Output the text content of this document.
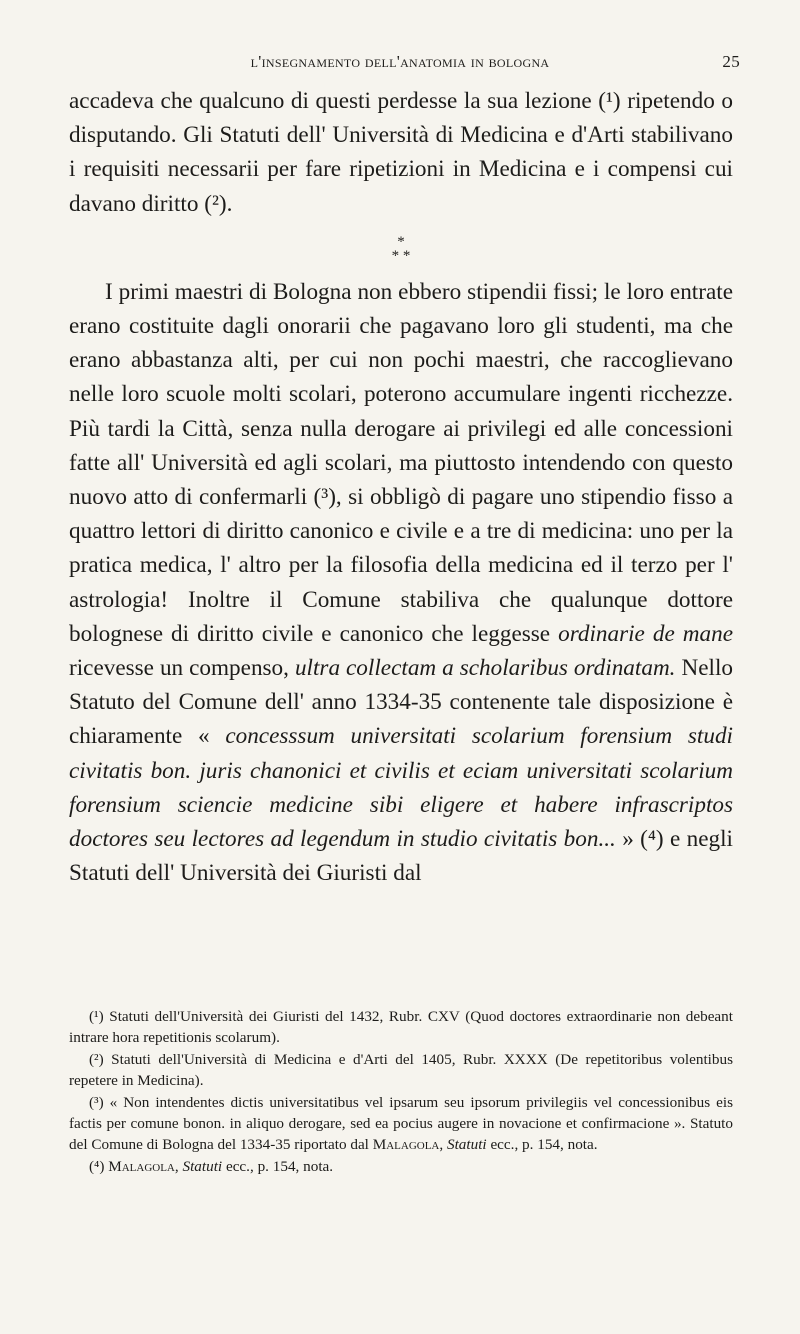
l'insegnamento dell'anatomia in bologna	25

accadeva che qualcuno di questi perdesse la sua lezione (¹) ripetendo o disputando. Gli Statuti dell' Università di Medicina e d'Arti stabilivano i requisiti necessarii per fare ripetizioni in Medicina e i compensi cui davano diritto (²).

*
* *

I primi maestri di Bologna non ebbero stipendii fissi; le loro entrate erano costituite dagli onorarii che pagavano loro gli studenti, ma che erano abbastanza alti, per cui non pochi maestri, che raccoglievano nelle loro scuole molti scolari, poterono accumulare ingenti ricchezze. Più tardi la Città, senza nulla derogare ai privilegi ed alle concessioni fatte all' Università ed agli scolari, ma piuttosto intendendo con questo nuovo atto di confermarli (³), si obbligò di pagare uno stipendio fisso a quattro lettori di diritto canonico e civile e a tre di medicina: uno per la pratica medica, l' altro per la filosofia della medicina ed il terzo per l' astrologia! Inoltre il Comune stabiliva che qualunque dottore bolognese di diritto civile e canonico che leggesse ordinarie de mane ricevesse un compenso, ultra collectam a scholaribus ordinatam. Nello Statuto del Comune dell' anno 1334-35 contenente tale disposizione è chiaramente « concesssum universitati scolarium forensium studi civitatis bon. juris chanonici et civilis et eciam universitati scolarium forensium sciencie medicine sibi eligere et habere infrascriptos doctores seu lectores ad legendum in studio civitatis bon... » (⁴) e negli Statuti dell' Università dei Giuristi dal

(¹) Statuti dell'Università dei Giuristi del 1432, Rubr. CXV (Quod doctores extraordinarie non debeant intrare hora repetitionis scolarum).

(²) Statuti dell'Università di Medicina e d'Arti del 1405, Rubr. XXXX (De repetitoribus volentibus repetere in Medicina).

(³) « Non intendentes dictis universitatibus vel ipsarum seu ipsorum privilegiis vel concessionibus eis factis per comune bonon. in aliquo derogare, sed ea pocius augere in novacione et confirmacione ». Statuto del Comune di Bologna del 1334-35 riportato dal Malagola, Statuti ecc., p. 154, nota.

(⁴) Malagola, Statuti ecc., p. 154, nota.
